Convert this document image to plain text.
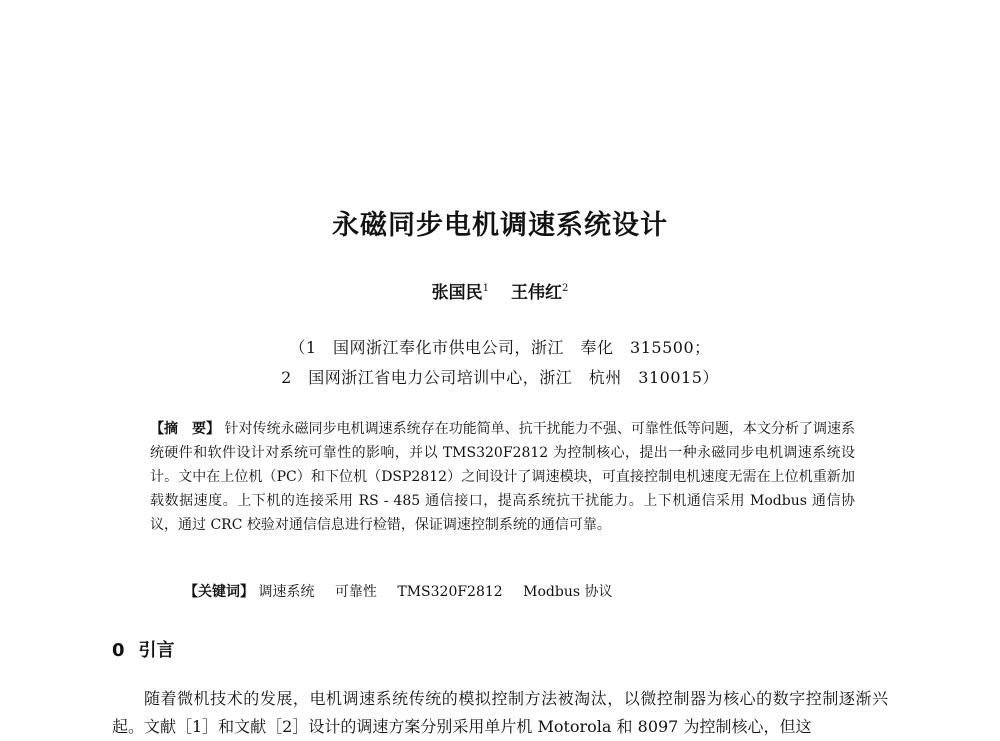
永磁同步电机调速系统设计
张国民$^1$ 王伟红$^2$
（1　国网浙江奉化市供电公司，浙江　奉化　315500；
2　国网浙江省电力公司培训中心，浙江　杭州　310015）
【摘　要】 针对传统永磁同步电机调速系统存在功能简单、抗干扰能力不强、可靠性低等问题，本文分析了调速系统硬件和软件设计对系统可靠性的影响，并以 TMS320F2812 为控制核心，提出一种永磁同步电机调速系统设计。文中在上位机（PC）和下位机（DSP2812）之间设计了调速模块，可直接控制电机速度无需在上位机重新加载数据速度。上下机的连接采用 RS - 485 通信接口，提高系统抗干扰能力。上下机通信采用 Modbus 通信协议，通过 CRC 校验对通信信息进行检错，保证调速控制系统的通信可靠。
【关键词】 调速系统 可靠性 TMS320F2812 Modbus 协议
0 引言
随着微机技术的发展，电机调速系统传统的模拟控制方法被淘汰，以微控制器为核心的数字控制逐渐兴起。文献［1］和文献［2］设计的调速方案分别采用单片机 Motorola 和 8097 为控制核心，但这
